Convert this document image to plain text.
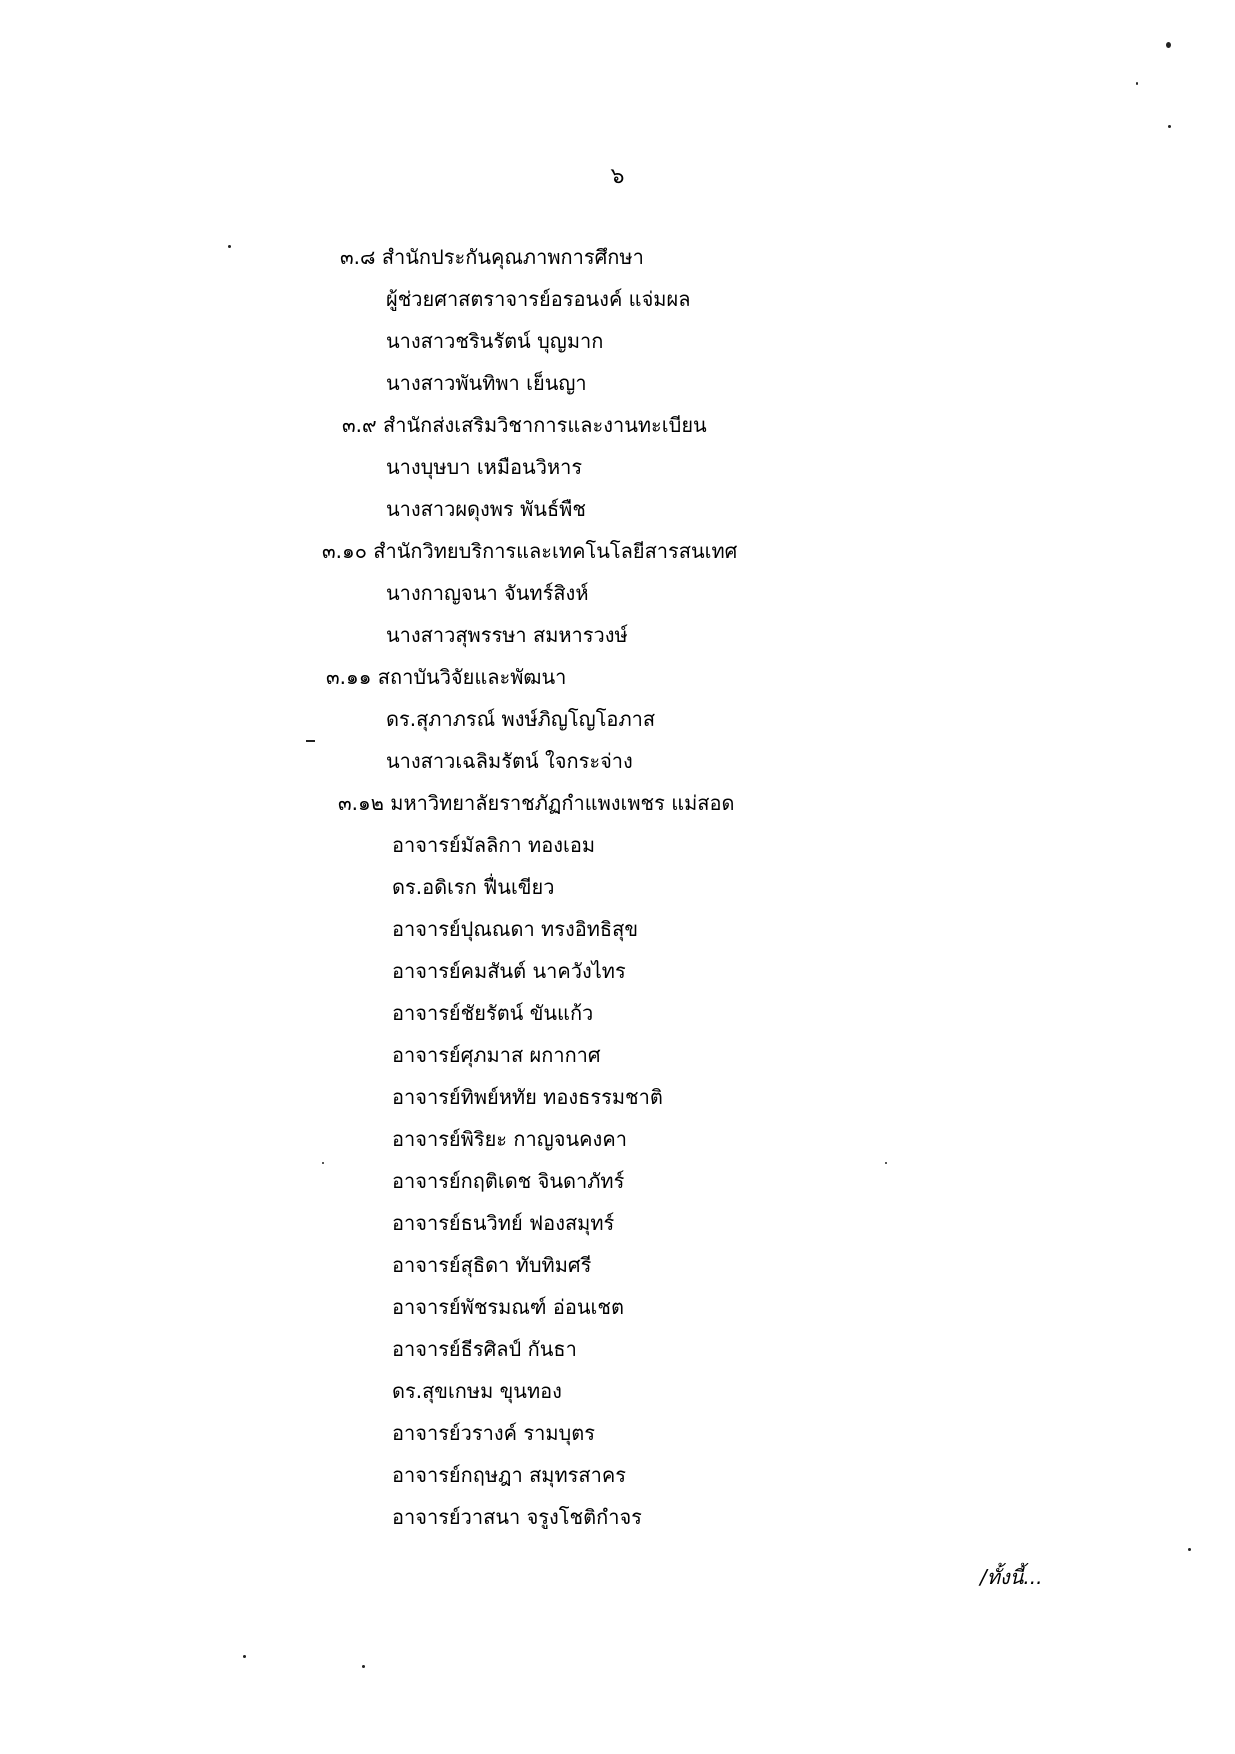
๖
๓.๘ สำนักประกันคุณภาพการศึกษา
ผู้ช่วยศาสตราจารย์อรอนงค์ แจ่มผล
นางสาวชรินรัตน์ บุญมาก
นางสาวพันทิพา เย็นญา
๓.๙ สำนักส่งเสริมวิชาการและงานทะเบียน
นางบุษบา เหมือนวิหาร
นางสาวผดุงพร พันธ์พืช
๓.๑๐ สำนักวิทยบริการและเทคโนโลยีสารสนเทศ
นางกาญจนา จันทร์สิงห์
นางสาวสุพรรษา สมหารวงษ์
๓.๑๑ สถาบันวิจัยและพัฒนา
ดร.สุภาภรณ์ พงษ์ภิญโญโอภาส
นางสาวเฉลิมรัตน์ ใจกระจ่าง
๓.๑๒ มหาวิทยาลัยราชภัฏกำแพงเพชร แม่สอด
อาจารย์มัลลิกา ทองเอม
ดร.อดิเรก ฟื่นเขียว
อาจารย์ปุณณดา ทรงอิทธิสุข
อาจารย์คมสันต์ นาควังไทร
อาจารย์ชัยรัตน์ ขันแก้ว
อาจารย์ศุภมาส ผกากาศ
อาจารย์ทิพย์หทัย ทองธรรมชาติ
อาจารย์พิริยะ กาญจนคงคา
อาจารย์กฤติเดช จินดาภัทร์
อาจารย์ธนวิทย์ ฟองสมุทร์
อาจารย์สุธิดา ทับทิมศรี
อาจารย์พัชรมณฑ์ อ่อนเชต
อาจารย์ธีรศิลป์ กันธา
ดร.สุขเกษม ขุนทอง
อาจารย์วรางค์ รามบุตร
อาจารย์กฤษฎา สมุทรสาคร
อาจารย์วาสนา จรูงโชติกำจร
/ทั้งนี้...
